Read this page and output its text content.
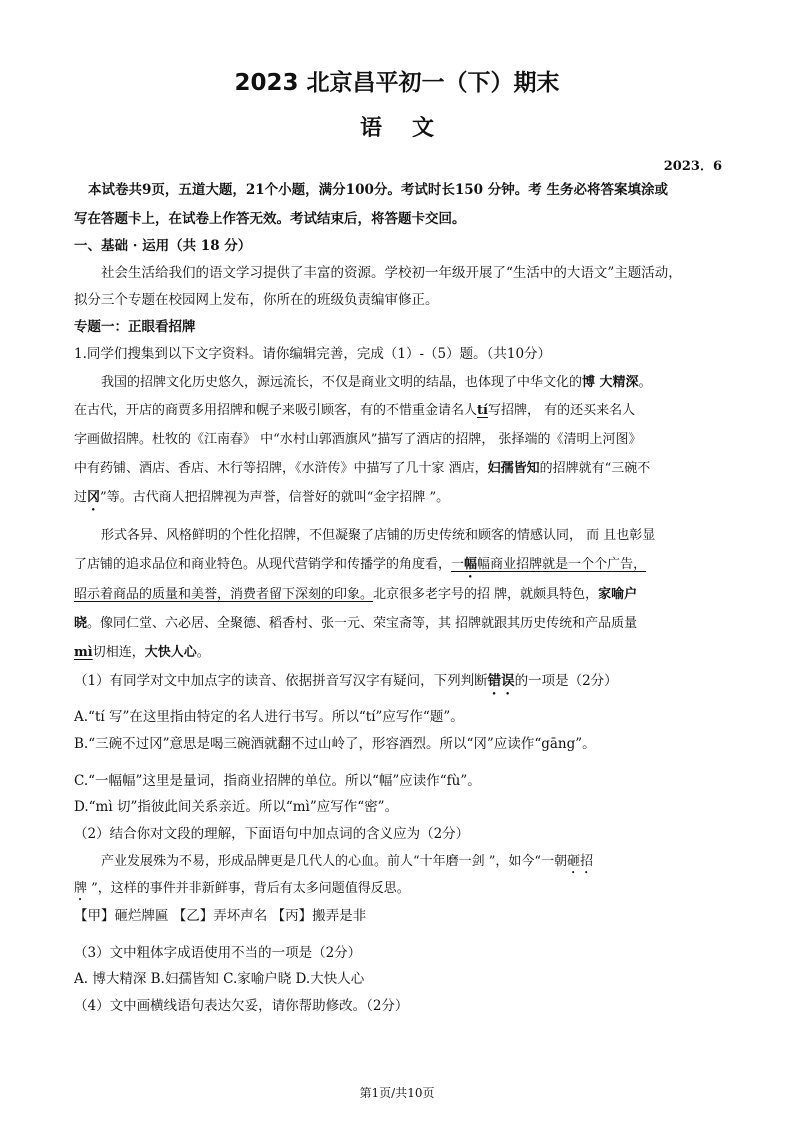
2023 北京昌平初一（下）期末
语文
2023．6
本试卷共9页，五道大题，21个小题，满分100分。考试时长150 分钟。考 生务必将答案填涂或
写在答题卡上，在试卷上作答无效。考试结束后，将答题卡交回。
一、基础 · 运用（共 18 分）
社会生活给我们的语文学习提供了丰富的资源。学校初一年级开展了“生活中的大语文”主题活动，
拟分三个专题在校园网上发布，你所在的班级负责编审修正。
专题一：正眼看招牌
1.同学们搜集到以下文字资料。请你编辑完善，完成（1）-（5）题。（共10分）
我国的招牌文化历史悠久，源远流长，不仅是商业文明的结晶，也体现了中华文化的博 大精深。
在古代，开店的商贾多用招牌和幌子来吸引顾客，有的不惜重金请名人tí写招牌， 有的还买来名人
字画做招牌。杜牧的《江南春》 中“水村山郭酒旗风”描写了酒店的招牌， 张择端的《清明上河图》
中有药铺、酒店、香店、木行等招牌，《水浒传》中描写了几十家 酒店，妇孺皆知的招牌就有“三碗不
过冈”等。古代商人把招牌视为声誉，信誉好的就叫“金字招牌 ”。
形式各异、风格鲜明的个性化招牌，不但凝聚了店铺的历史传统和顾客的情感认同， 而 且也彰显
了店铺的追求品位和商业特色。从现代营销学和传播学的角度看，一幅幅商业招牌就是一个个广告，
昭示着商品的质量和美誉，消费者留下深刻的印象。北京很多老字号的招 牌，就颇具特色，家喻户
晓。像同仁堂、六必居、全聚德、稻香村、张一元、荣宝斋等，其 招牌就跟其历史传统和产品质量
mì切相连，大快人心。
（1）有同学对文中加点字的读音、依据拼音写汉字有疑问，下列判断错误的一项是（2分）
A.“tí 写”在这里指由特定的名人进行书写。所以“tí”应写作“题”。
B.“三碗不过冈”意思是喝三碗酒就翻不过山岭了，形容酒烈。所以“冈”应读作“gāng”。
C.“一幅幅”这里是量词，指商业招牌的单位。所以“幅”应读作“fù”。
D.“mì 切”指彼此间关系亲近。所以“mì”应写作“密”。
（2）结合你对文段的理解，下面语句中加点词的含义应为（2分）
产业发展殊为不易，形成品牌更是几代人的心血。前人“十年磨一剑 ”，如今“一朝砸招
牌 ”，这样的事件并非新鲜事，背后有太多问题值得反思。
【甲】砸烂牌匾 【乙】弄坏声名 【丙】搬弄是非
（3）文中粗体字成语使用不当的一项是（2分）
A. 博大精深 B.妇孺皆知 C.家喻户晓 D.大快人心
（4）文中画横线语句表达欠妥，请你帮助修改。（2分）
第1页/共10页
